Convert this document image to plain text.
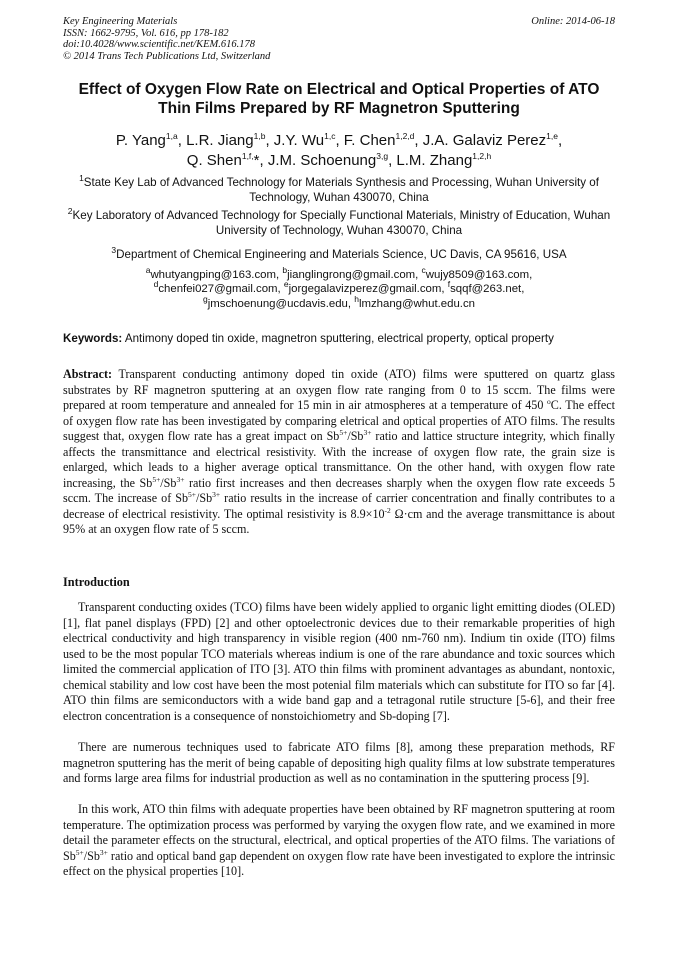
Key Engineering Materials
ISSN: 1662-9795, Vol. 616, pp 178-182
doi:10.4028/www.scientific.net/KEM.616.178
© 2014 Trans Tech Publications Ltd, Switzerland
Online: 2014-06-18
Effect of Oxygen Flow Rate on Electrical and Optical Properties of ATO
Thin Films Prepared by RF Magnetron Sputtering
P. Yang$^{1,a}$, L.R. Jiang$^{1,b}$, J.Y. Wu$^{1,c}$, F. Chen$^{1,2,d}$, J.A. Galaviz Perez$^{1,e}$,
Q. Shen$^{1,f,}$*, J.M. Schoenung$^{3,g}$, L.M. Zhang$^{1,2,h}$
$^1$State Key Lab of Advanced Technology for Materials Synthesis and Processing, Wuhan University of Technology, Wuhan 430070, China
$^2$Key Laboratory of Advanced Technology for Specially Functional Materials, Ministry of Education, Wuhan University of Technology, Wuhan 430070, China
$^3$Department of Chemical Engineering and Materials Science, UC Davis, CA 95616, USA
$^a$whutyangping@163.com, $^b$jianglingrong@gmail.com, $^c$wujy8509@163.com,
$^d$chenfei027@gmail.com, $^e$jorgegalavizperez@gmail.com, $^f$sqqf@263.net,
$^g$jmschoenung@ucdavis.edu, $^h$lmzhang@whut.edu.cn
Keywords: Antimony doped tin oxide, magnetron sputtering, electrical property, optical property

Abstract: Transparent conducting antimony doped tin oxide (ATO) films were sputtered on quartz glass substrates by RF magnetron sputtering at an oxygen flow rate ranging from 0 to 15 sccm. The films were prepared at room temperature and annealed for 15 min in air atmospheres at a temperature of 450 $^o$C. The effect of oxygen flow rate has been investigated by comparing eletrical and optical properties of ATO films. The results suggest that, oxygen flow rate has a great impact on $Sb^{5+}/Sb^{3+}$ ratio and lattice structure integrity, which finally affects the transmittance and electrical resistivity. With the increase of oxygen flow rate, the grain size is enlarged, which leads to a higher average optical transmittance. On the other hand, with oxygen flow rate increasing, the $Sb^{5+}/Sb^{3+}$ ratio first increases and then decreases sharply when the oxygen flow rate exceeds 5 sccm. The increase of $Sb^{5+}/Sb^{3+}$ ratio results in the increase of carrier concentration and finally contributes to a decrease of electrical resistivity. The optimal resistivity is $8.9\times 10^{-2}$ Ω·cm and the average transmittance is about 95% at an oxygen flow rate of 5 sccm.

Introduction

Transparent conducting oxides (TCO) films have been widely applied to organic light emitting diodes (OLED) [1], flat panel displays (FPD) [2] and other optoelectronic devices due to their remarkable properities of high electrical conductivity and high transparency in visible region (400 nm-760 nm). Indium tin oxide (ITO) films used to be the most popular TCO materials whereas indium is one of the rare abundance and toxic sources which limited the commercial application of ITO [3]. ATO thin films with prominent advantages as abundant, nontoxic, chemical stability and low cost have been the most potenial film materials which can substitute for ITO so far [4]. ATO thin films are semiconductors with a wide band gap and a tetragonal rutile structure [5-6], and their free electron concentration is a consequence of nonstoichiometry and Sb-doping [7].

There are numerous techniques used to fabricate ATO films [8], among these preparation methods, RF magnetron sputtering has the merit of being capable of depositing high quality films at low substrate temperatures and forms large area films for industrial production as well as no contamination in the sputtering process [9].

In this work, ATO thin films with adequate properties have been obtained by RF magnetron sputtering at room temperature. The optimization process was performed by varying the oxygen flow rate, and we examined in more detail the parameter effects on the structural, electrical, and optical properties of the ATO films. The variations of $Sb^{5+}/Sb^{3+}$ ratio and optical band gap dependent on oxygen flow rate have been investigated to explore the intrinsic effect on the physical properties [10].
